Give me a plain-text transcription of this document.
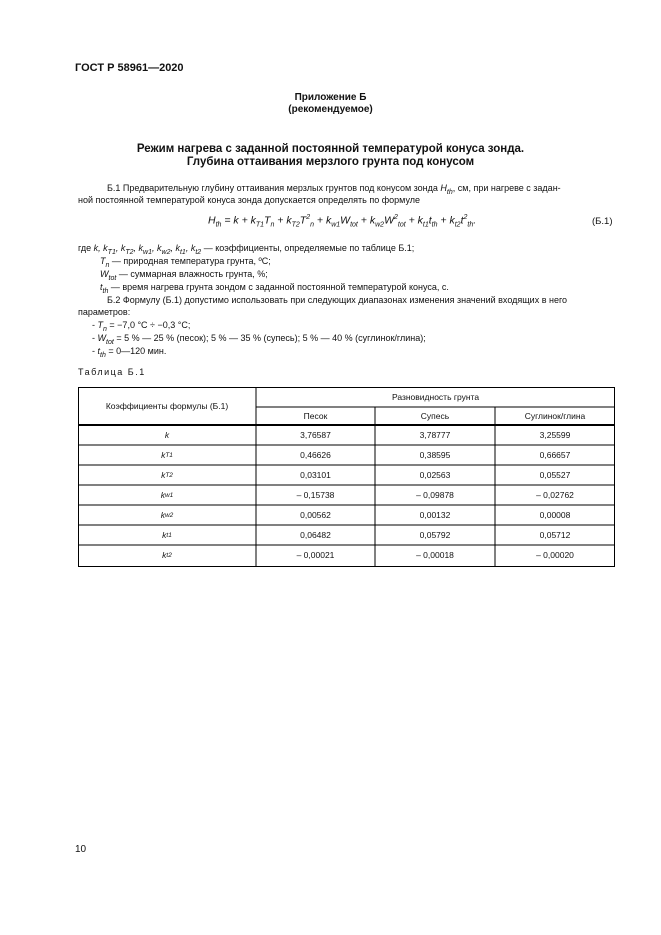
ГОСТ Р 58961—2020
Приложение Б
(рекомендуемое)
Режим нагрева с заданной постоянной температурой конуса зонда.
Глубина оттаивания мерзлого грунта под конусом
Б.1 Предварительную глубину оттаивания мерзлых грунтов под конусом зонда $H_{th}$, см, при нагреве с задан-
ной постоянной температурой конуса зонда допускается определять по формуле
$H_{th} = k + k_{T1}T_n + k_{T2}T^2_n + k_{w1}W_{tot} + k_{w2}W^2_{tot} + k_{t1}t_{th} + k_{t2}t^2_{th}$.	(Б.1)
где k, $k_{T1}$, $k_{T2}$, $k_{w1}$, $k_{w2}$, $k_{t1}$, $k_{t2}$ — коэффициенты, определяемые по таблице Б.1;
$T_n$ — природная температура грунта, ºC;
$W_{tot}$ — суммарная влажность грунта, %;
$t_{th}$ — время нагрева грунта зондом с заданной постоянной температурой конуса, с.
Б.2 Формулу (Б.1) допустимо использовать при следующих диапазонах изменения значений входящих в него
параметров:
- $T_n = -7,0$ °C ÷ −0,3 °C;
- $W_{tot} = 5$ % — 25 % (песок); 5 % — 35 % (супесь); 5 % — 40 % (суглинок/глина);
- $t_{th}$ = 0—120 мин.
Таблица Б.1
Коэффициенты формулы (Б.1)
Разновидность грунта
Песок	Супесь	Суглинок/глина
k	3,76587	3,78777	3,25599
k T1	0,46626	0,38595	0,66657
k T2	0,03101	0,02563	0,05527
k w1	– 0,15738	– 0,09878	– 0,02762
k w2	0,00562	0,00132	0,00008
k t1	0,06482	0,05792	0,05712
k t2	– 0,00021	– 0,00018	– 0,00020
10
